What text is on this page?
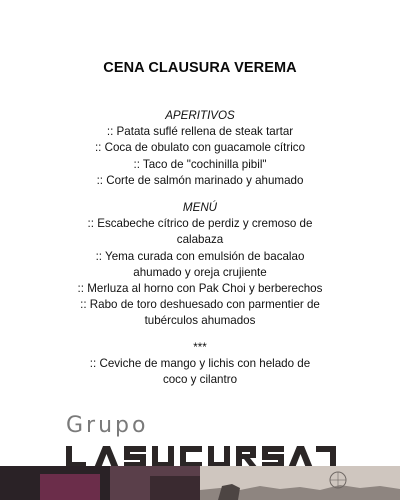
CENA CLAUSURA VEREMA
APERITIVOS
:: Patata suflé rellena de steak tartar
:: Coca de obulato con guacamole cítrico
:: Taco de "cochinilla pibil"
:: Corte de salmón marinado y ahumado
MENÚ
:: Escabeche cítrico de perdiz y cremoso de
calabaza
:: Yema curada con emulsión de bacalao
ahumado y oreja crujiente
:: Merluza al horno con Pak Choi y berberechos
:: Rabo de toro deshuesado con parmentier de
tubérculos ahumados
***
:: Ceviche de mango y lichis con helado de
coco y cilantro
Grupo
